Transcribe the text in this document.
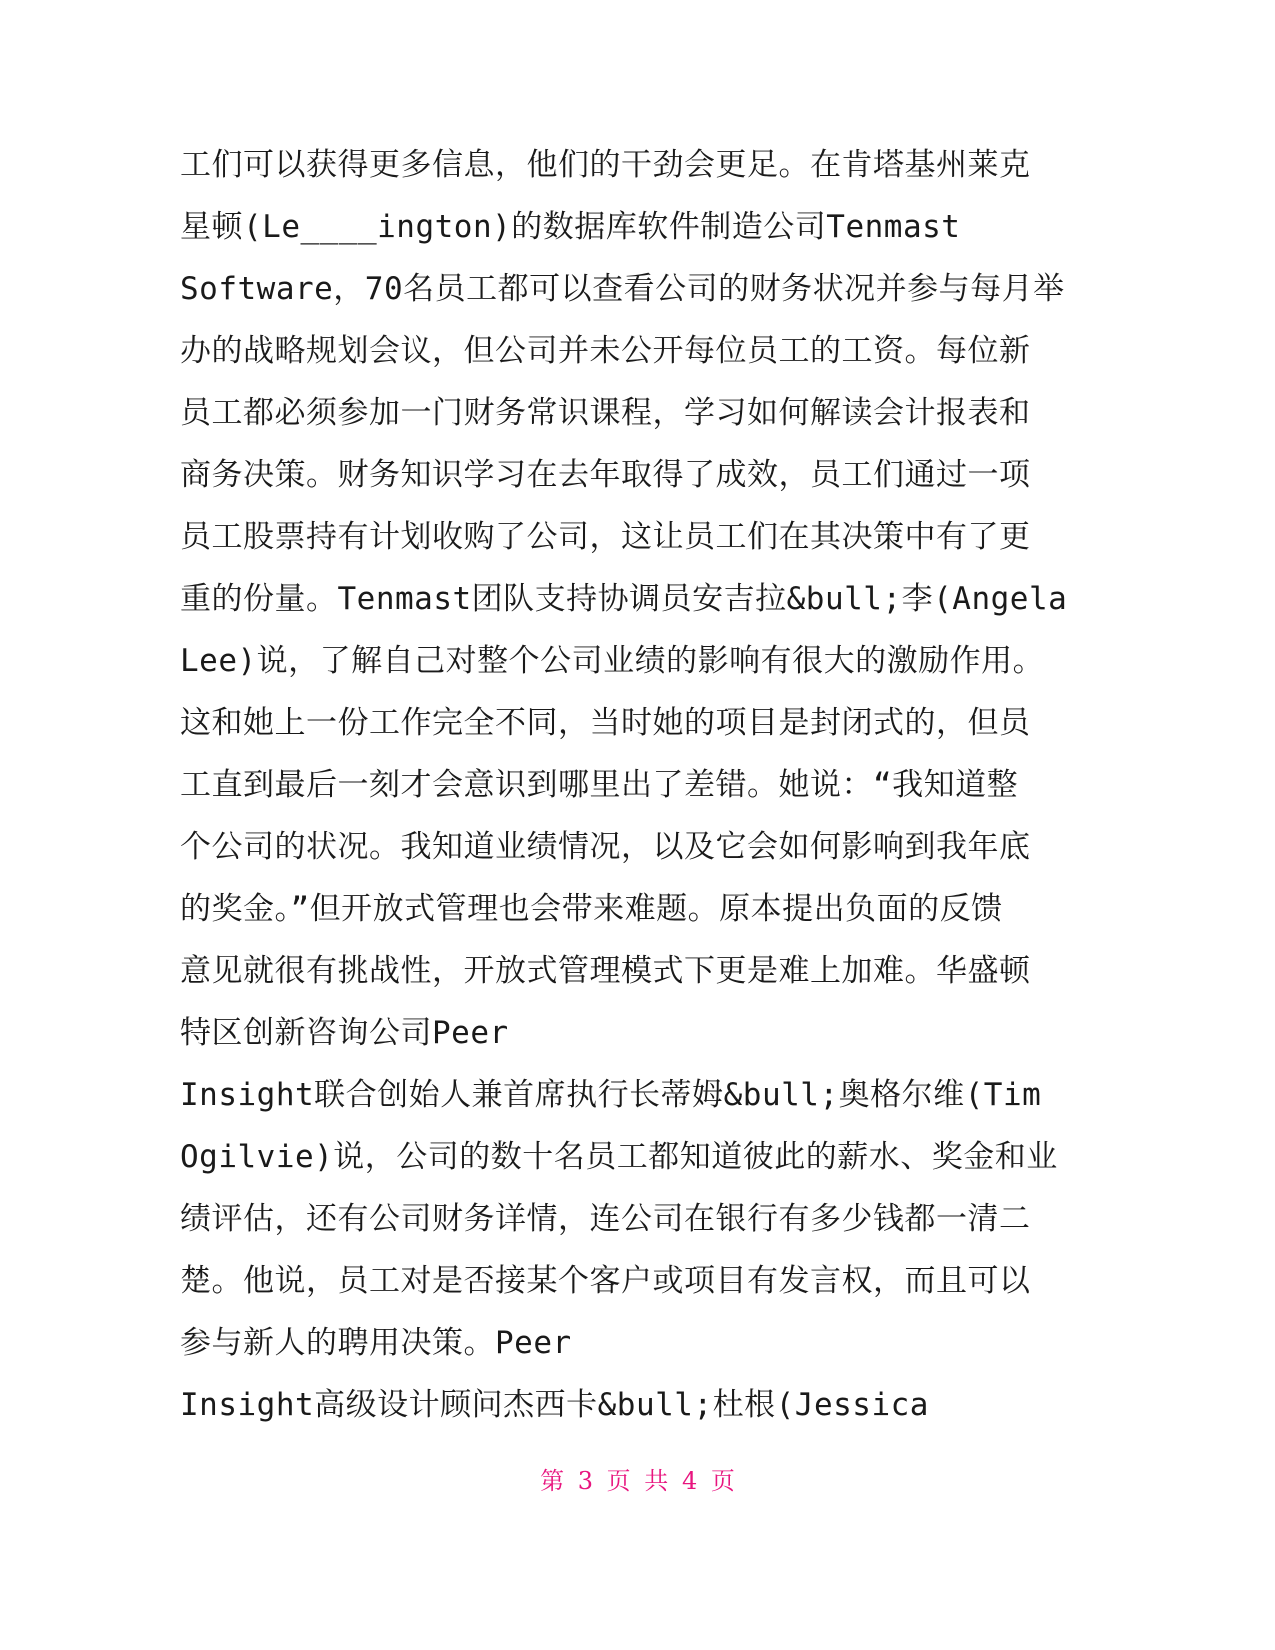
工们可以获得更多信息，他们的干劲会更足。在肯塔基州莱克
星顿(Le____ington)的数据库软件制造公司Tenmast
Software，70名员工都可以查看公司的财务状况并参与每月举
办的战略规划会议，但公司并未公开每位员工的工资。每位新
员工都必须参加一门财务常识课程，学习如何解读会计报表和
商务决策。财务知识学习在去年取得了成效，员工们通过一项
员工股票持有计划收购了公司，这让员工们在其决策中有了更
重的份量。Tenmast团队支持协调员安吉拉&bull;李(Angela
Lee)说，了解自己对整个公司业绩的影响有很大的激励作用。
这和她上一份工作完全不同，当时她的项目是封闭式的，但员
工直到最后一刻才会意识到哪里出了差错。她说：“我知道整
个公司的状况。我知道业绩情况，以及它会如何影响到我年底
的奖金。”但开放式管理也会带来难题。原本提出负面的反馈
意见就很有挑战性，开放式管理模式下更是难上加难。华盛顿
特区创新咨询公司Peer
Insight联合创始人兼首席执行长蒂姆&bull;奥格尔维(Tim
Ogilvie)说，公司的数十名员工都知道彼此的薪水、奖金和业
绩评估，还有公司财务详情，连公司在银行有多少钱都一清二
楚。他说，员工对是否接某个客户或项目有发言权，而且可以
参与新人的聘用决策。Peer
Insight高级设计顾问杰西卡&bull;杜根(Jessica
第 3 页 共 4 页
